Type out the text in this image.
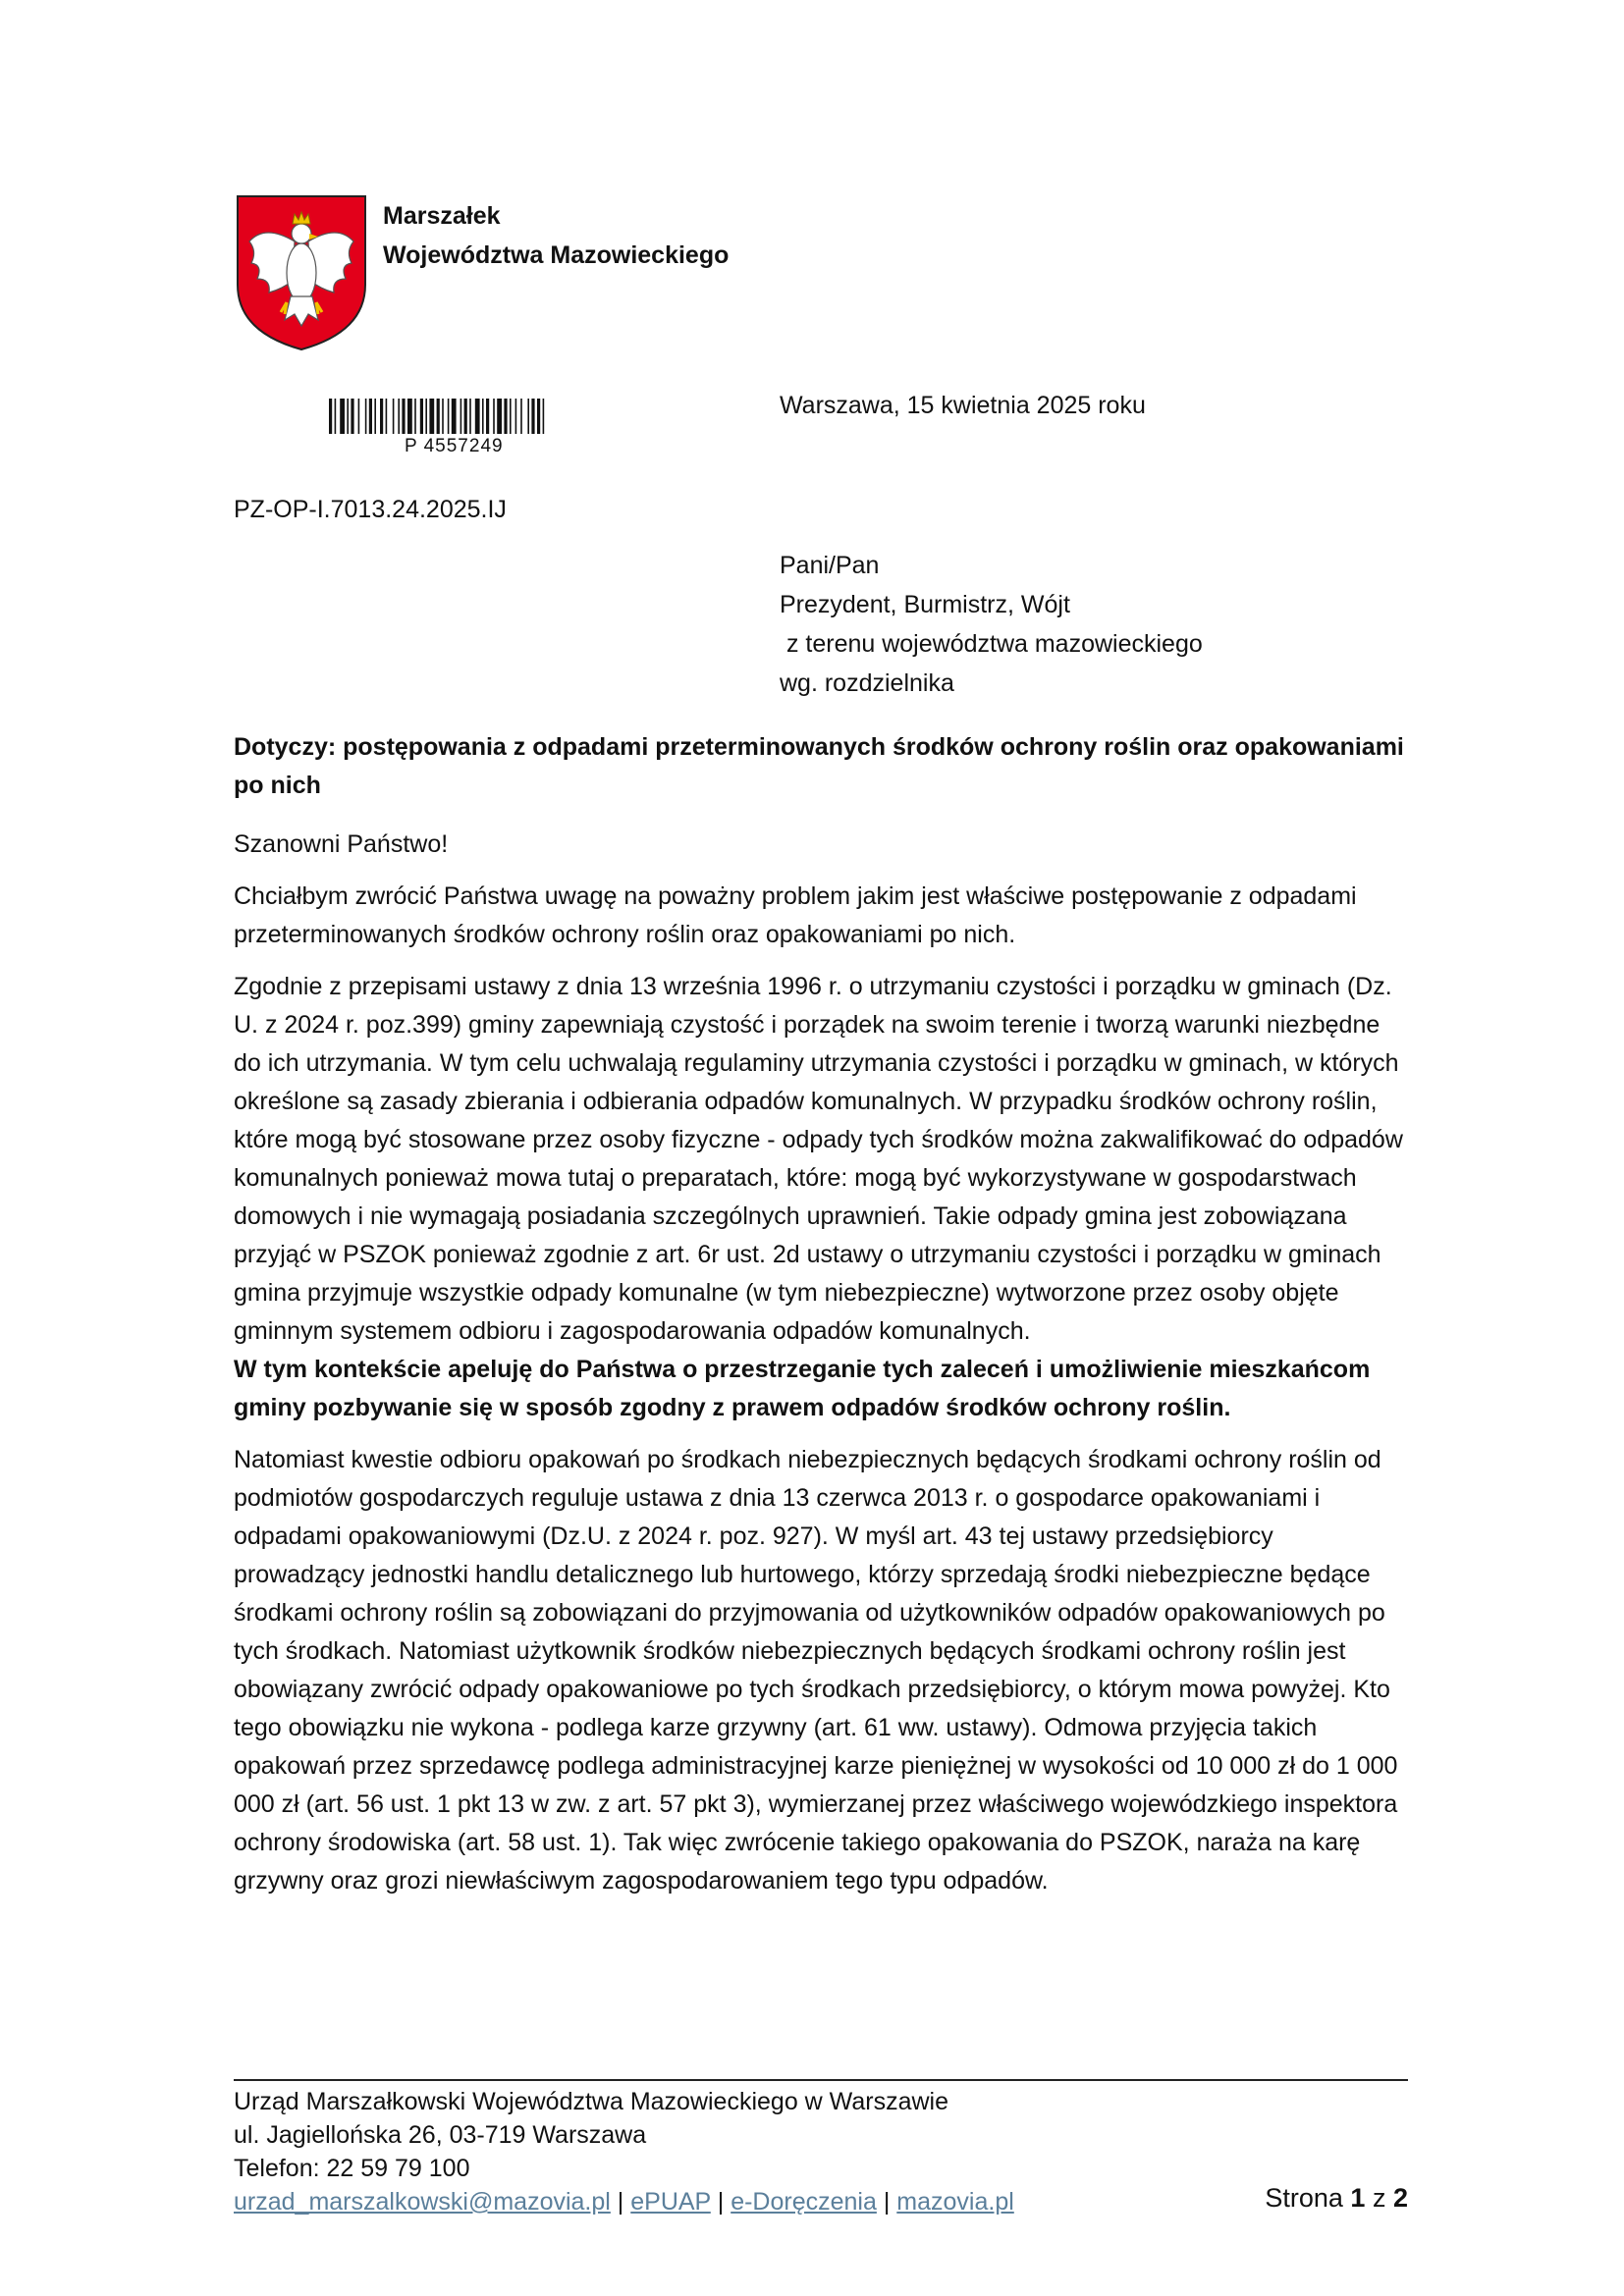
Marszałek
Województwa Mazowieckiego
P 4557249
Warszawa, 15 kwietnia 2025 roku
PZ-OP-I.7013.24.2025.IJ
Pani/Pan
Prezydent, Burmistrz, Wójt
z terenu województwa mazowieckiego
wg. rozdzielnika

Dotyczy: postępowania z odpadami przeterminowanych środków ochrony roślin oraz opakowaniami po nich

Szanowni Państwo!

Chciałbym zwrócić Państwa uwagę na poważny problem jakim jest właściwe postępowanie z odpadami przeterminowanych środków ochrony roślin oraz opakowaniami po nich.

Zgodnie z przepisami ustawy z dnia 13 września 1996 r. o utrzymaniu czystości i porządku w gminach (Dz. U. z 2024 r. poz.399) gminy zapewniają czystość i porządek na swoim terenie i tworzą warunki niezbędne do ich utrzymania. W tym celu uchwalają regulaminy utrzymania czystości i porządku w gminach, w których określone są zasady zbierania i odbierania odpadów komunalnych. W przypadku środków ochrony roślin, które mogą być stosowane przez osoby fizyczne - odpady tych środków można zakwalifikować do odpadów komunalnych ponieważ mowa tutaj o preparatach, które: mogą być wykorzystywane w gospodarstwach domowych i nie wymagają posiadania szczególnych uprawnień. Takie odpady gmina jest zobowiązana przyjąć w PSZOK ponieważ zgodnie z art. 6r ust. 2d ustawy o utrzymaniu czystości i porządku w gminach gmina przyjmuje wszystkie odpady komunalne (w tym niebezpieczne) wytworzone przez osoby objęte gminnym systemem odbioru i zagospodarowania odpadów komunalnych.

W tym kontekście apeluję do Państwa o przestrzeganie tych zaleceń i umożliwienie mieszkańcom gminy pozbywanie się w sposób zgodny z prawem odpadów środków ochrony roślin.

Natomiast kwestie odbioru opakowań po środkach niebezpiecznych będących środkami ochrony roślin od podmiotów gospodarczych reguluje ustawa z dnia 13 czerwca 2013 r. o gospodarce opakowaniami i odpadami opakowaniowymi (Dz.U. z 2024 r. poz. 927). W myśl art. 43 tej ustawy przedsiębiorcy prowadzący jednostki handlu detalicznego lub hurtowego, którzy sprzedają środki niebezpieczne będące środkami ochrony roślin są zobowiązani do przyjmowania od użytkowników odpadów opakowaniowych po tych środkach. Natomiast użytkownik środków niebezpiecznych będących środkami ochrony roślin jest obowiązany zwrócić odpady opakowaniowe po tych środkach przedsiębiorcy, o którym mowa powyżej. Kto tego obowiązku nie wykona - podlega karze grzywny (art. 61 ww. ustawy). Odmowa przyjęcia takich opakowań przez sprzedawcę podlega administracyjnej karze pieniężnej w wysokości od 10 000 zł do 1 000 000 zł (art. 56 ust. 1 pkt 13 w zw. z art. 57 pkt 3), wymierzanej przez właściwego wojewódzkiego inspektora ochrony środowiska (art. 58 ust. 1). Tak więc zwrócenie takiego opakowania do PSZOK, naraża na karę grzywny oraz grozi niewłaściwym zagospodarowaniem tego typu odpadów.

Urząd Marszałkowski Województwa Mazowieckiego w Warszawie
ul. Jagiellońska 26, 03-719 Warszawa
Telefon: 22 59 79 100
urzad_marszalkowski@mazovia.pl | ePUAP | e-Doręczenia | mazovia.pl	Strona 1 z 2
